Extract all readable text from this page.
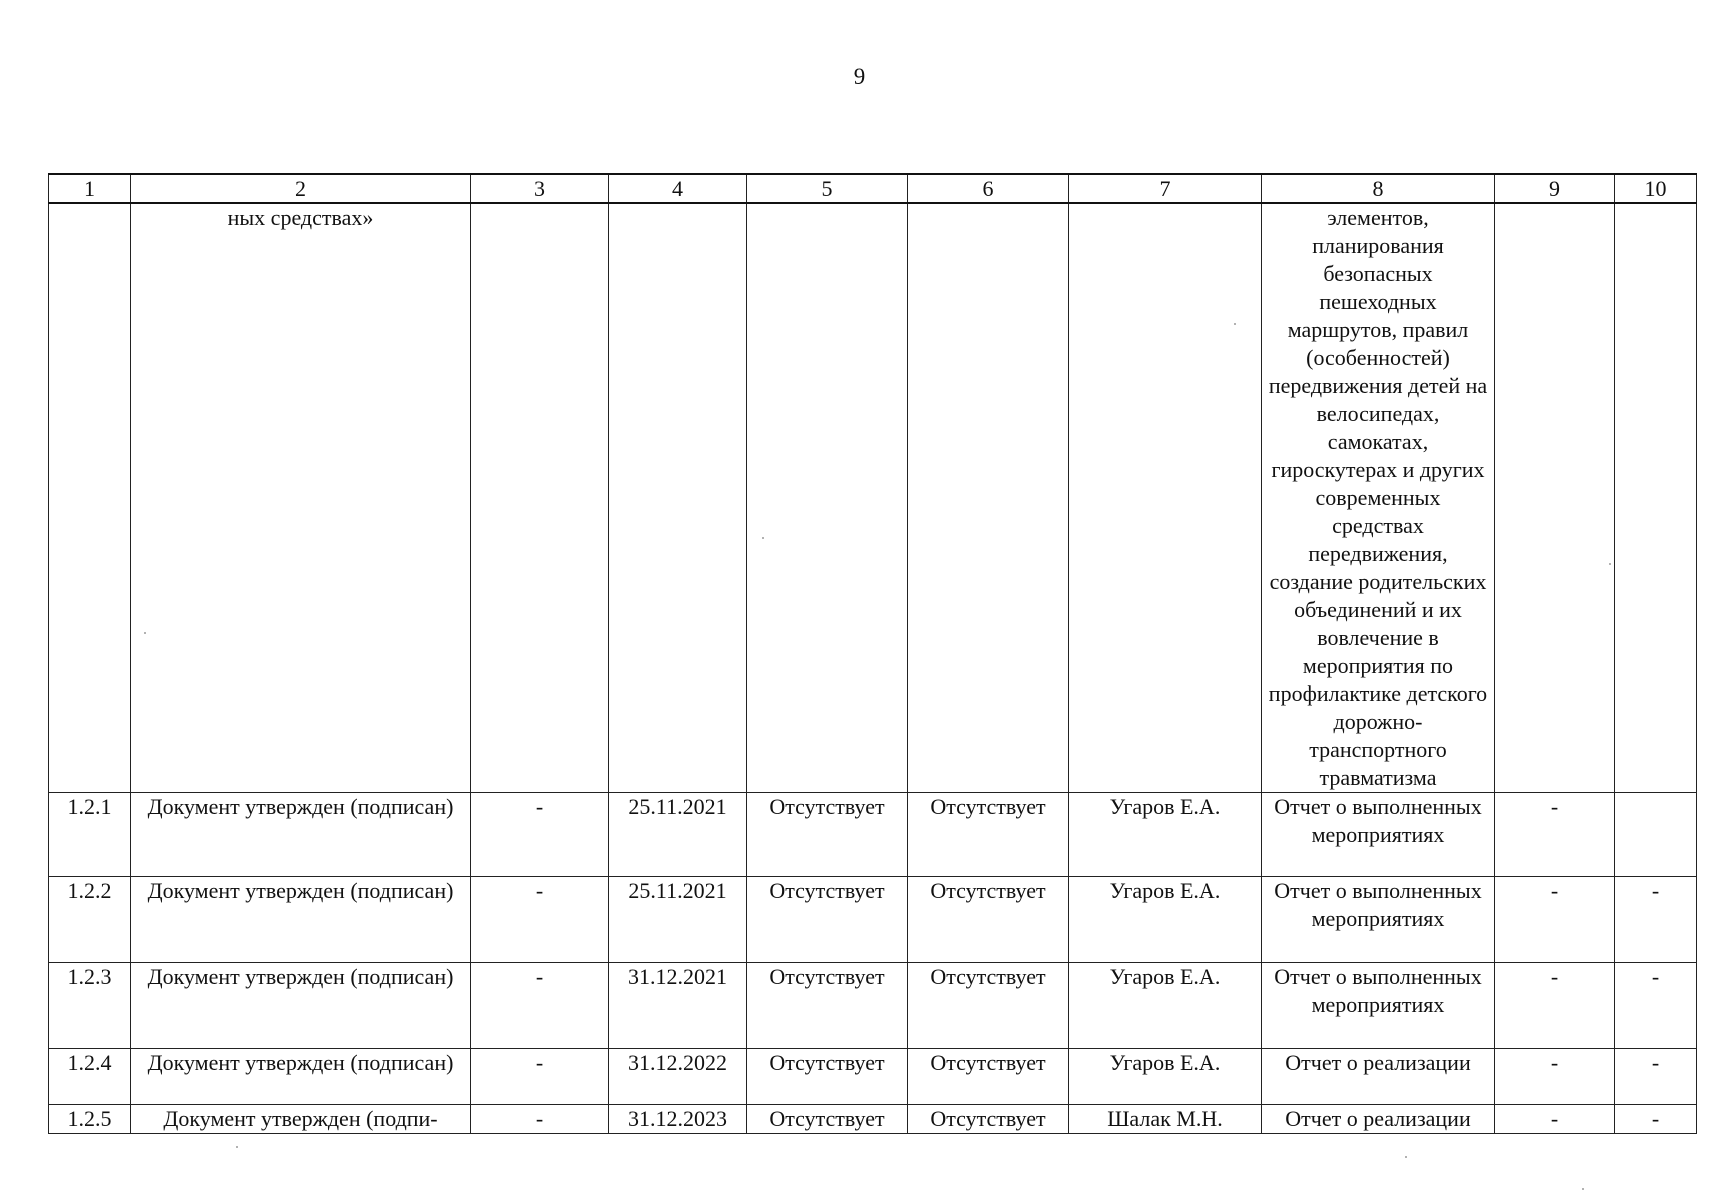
9
1	2	3	4	5	6	7	8	9	10
	ных средствах»						элементов, планирования безопасных пешеходных маршрутов, правил (особенностей) передвижения детей на велосипедах, самокатах, гироскутерах и других современных средствах передвижения, создание родительских объединений и их вовлечение в мероприятия по профилактике детского дорожно-транспортного травматизма		
1.2.1	Документ утвержден (подписан)	-	25.11.2021	Отсутствует	Отсутствует	Угаров Е.А.	Отчет о выполненных мероприятиях	-	
1.2.2	Документ утвержден (подписан)	-	25.11.2021	Отсутствует	Отсутствует	Угаров Е.А.	Отчет о выполненных мероприятиях	-	-
1.2.3	Документ утвержден (подписан)	-	31.12.2021	Отсутствует	Отсутствует	Угаров Е.А.	Отчет о выполненных мероприятиях	-	-
1.2.4	Документ утвержден (подписан)	-	31.12.2022	Отсутствует	Отсутствует	Угаров Е.А.	Отчет о реализации	-	-
1.2.5	Документ утвержден (подпи-	-	31.12.2023	Отсутствует	Отсутствует	Шалак М.Н.	Отчет о реализации	-	-
